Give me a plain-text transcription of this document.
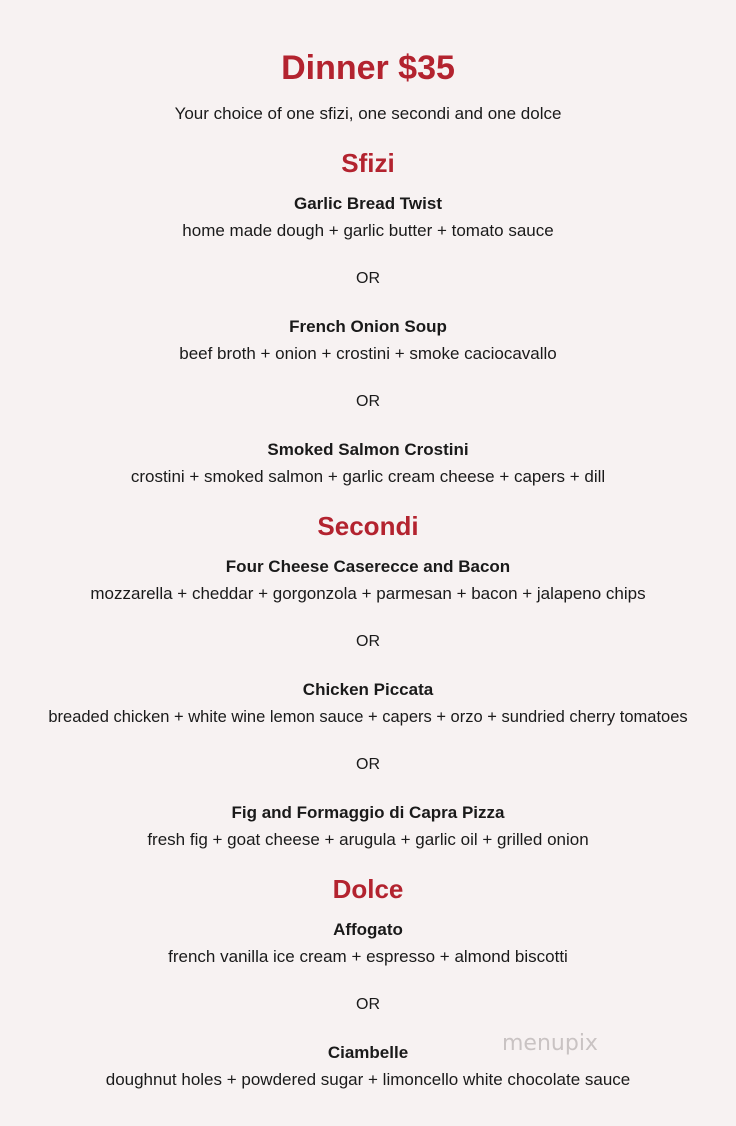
Dinner $35
Your choice of one sfizi, one secondi and one dolce
Sfizi
Garlic Bread Twist
home made dough + garlic butter + tomato sauce
OR
French Onion Soup
beef broth + onion + crostini + smoke caciocavallo
OR
Smoked Salmon Crostini
crostini + smoked salmon + garlic cream cheese + capers + dill
Secondi
Four Cheese Caserecce and Bacon
mozzarella + cheddar + gorgonzola + parmesan + bacon + jalapeno chips
OR
Chicken Piccata
breaded chicken + white wine lemon sauce + capers + orzo + sundried cherry tomatoes
OR
Fig and Formaggio di Capra Pizza
fresh fig + goat cheese + arugula + garlic oil + grilled onion
Dolce
Affogato
french vanilla ice cream + espresso + almond biscotti
OR
Ciambelle
doughnut holes + powdered sugar + limoncello white chocolate sauce
menupix
